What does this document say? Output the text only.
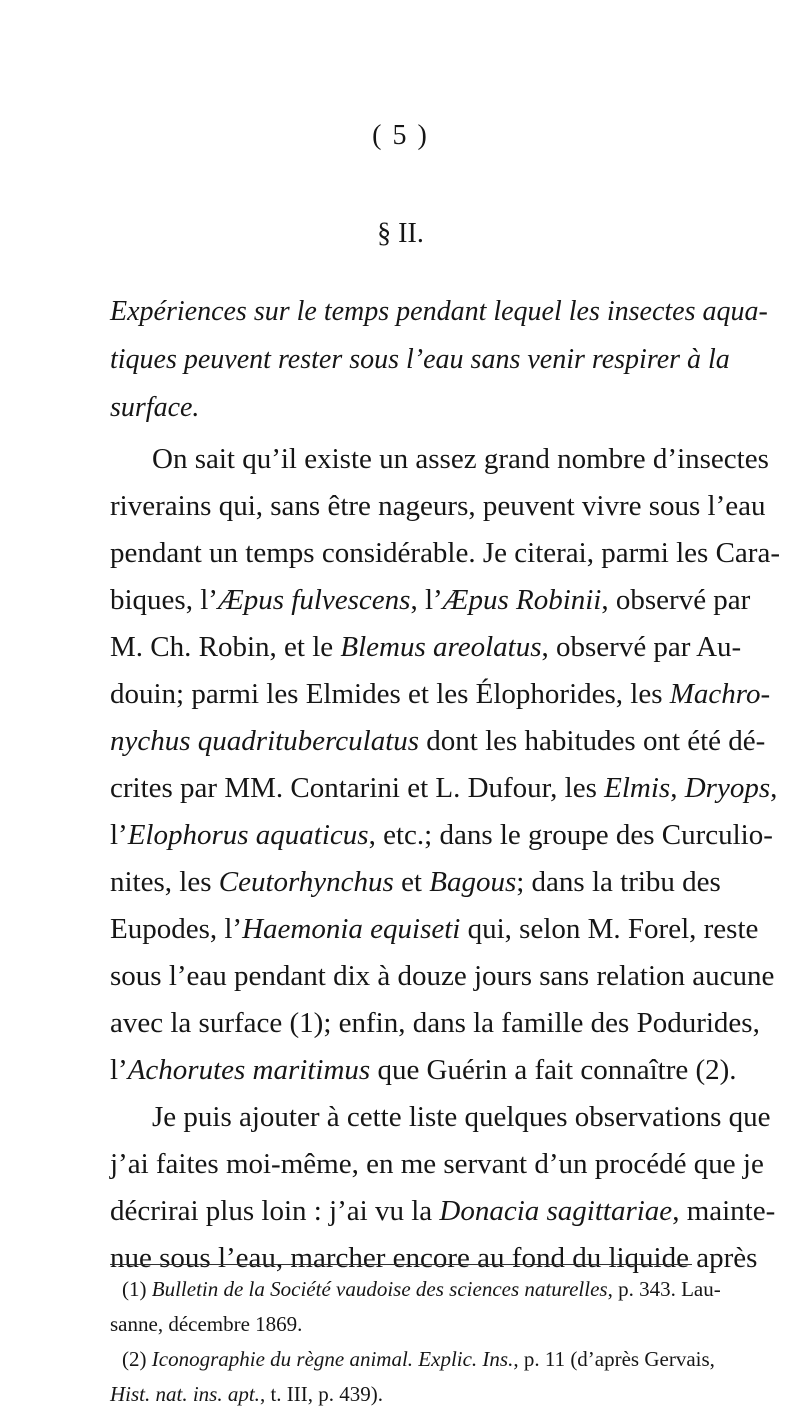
( 5 )
§ II.
Expériences sur le temps pendant lequel les insectes aqua-
tiques peuvent rester sous l’eau sans venir respirer à la
surface.
On sait qu’il existe un assez grand nombre d’insectes
riverains qui, sans être nageurs, peuvent vivre sous l’eau
pendant un temps considérable. Je citerai, parmi les Cara-
biques, l’Æpus fulvescens, l’Æpus Robinii, observé par
M. Ch. Robin, et le Blemus areolatus, observé par Au-
douin; parmi les Elmides et les Élophorides, les Machro-
nychus quadrituberculatus dont les habitudes ont été dé-
crites par MM. Contarini et L. Dufour, les Elmis, Dryops,
l’Elophorus aquaticus, etc.; dans le groupe des Curculio-
nites, les Ceutorhynchus et Bagous; dans la tribu des
Eupodes, l’Haemonia equiseti qui, selon M. Forel, reste
sous l’eau pendant dix à douze jours sans relation aucune
avec la surface (1); enfin, dans la famille des Podurides,
l’Achorutes maritimus que Guérin a fait connaître (2).
Je puis ajouter à cette liste quelques observations que
j’ai faites moi-même, en me servant d’un procédé que je
décrirai plus loin : j’ai vu la Donacia sagittariae, mainte-
nue sous l’eau, marcher encore au fond du liquide après
(1) Bulletin de la Société vaudoise des sciences naturelles, p. 343. Lau-
sanne, décembre 1869.
(2) Iconographie du règne animal. Explic. Ins., p. 11 (d’après Gervais,
Hist. nat. ins. apt., t. III, p. 439).
